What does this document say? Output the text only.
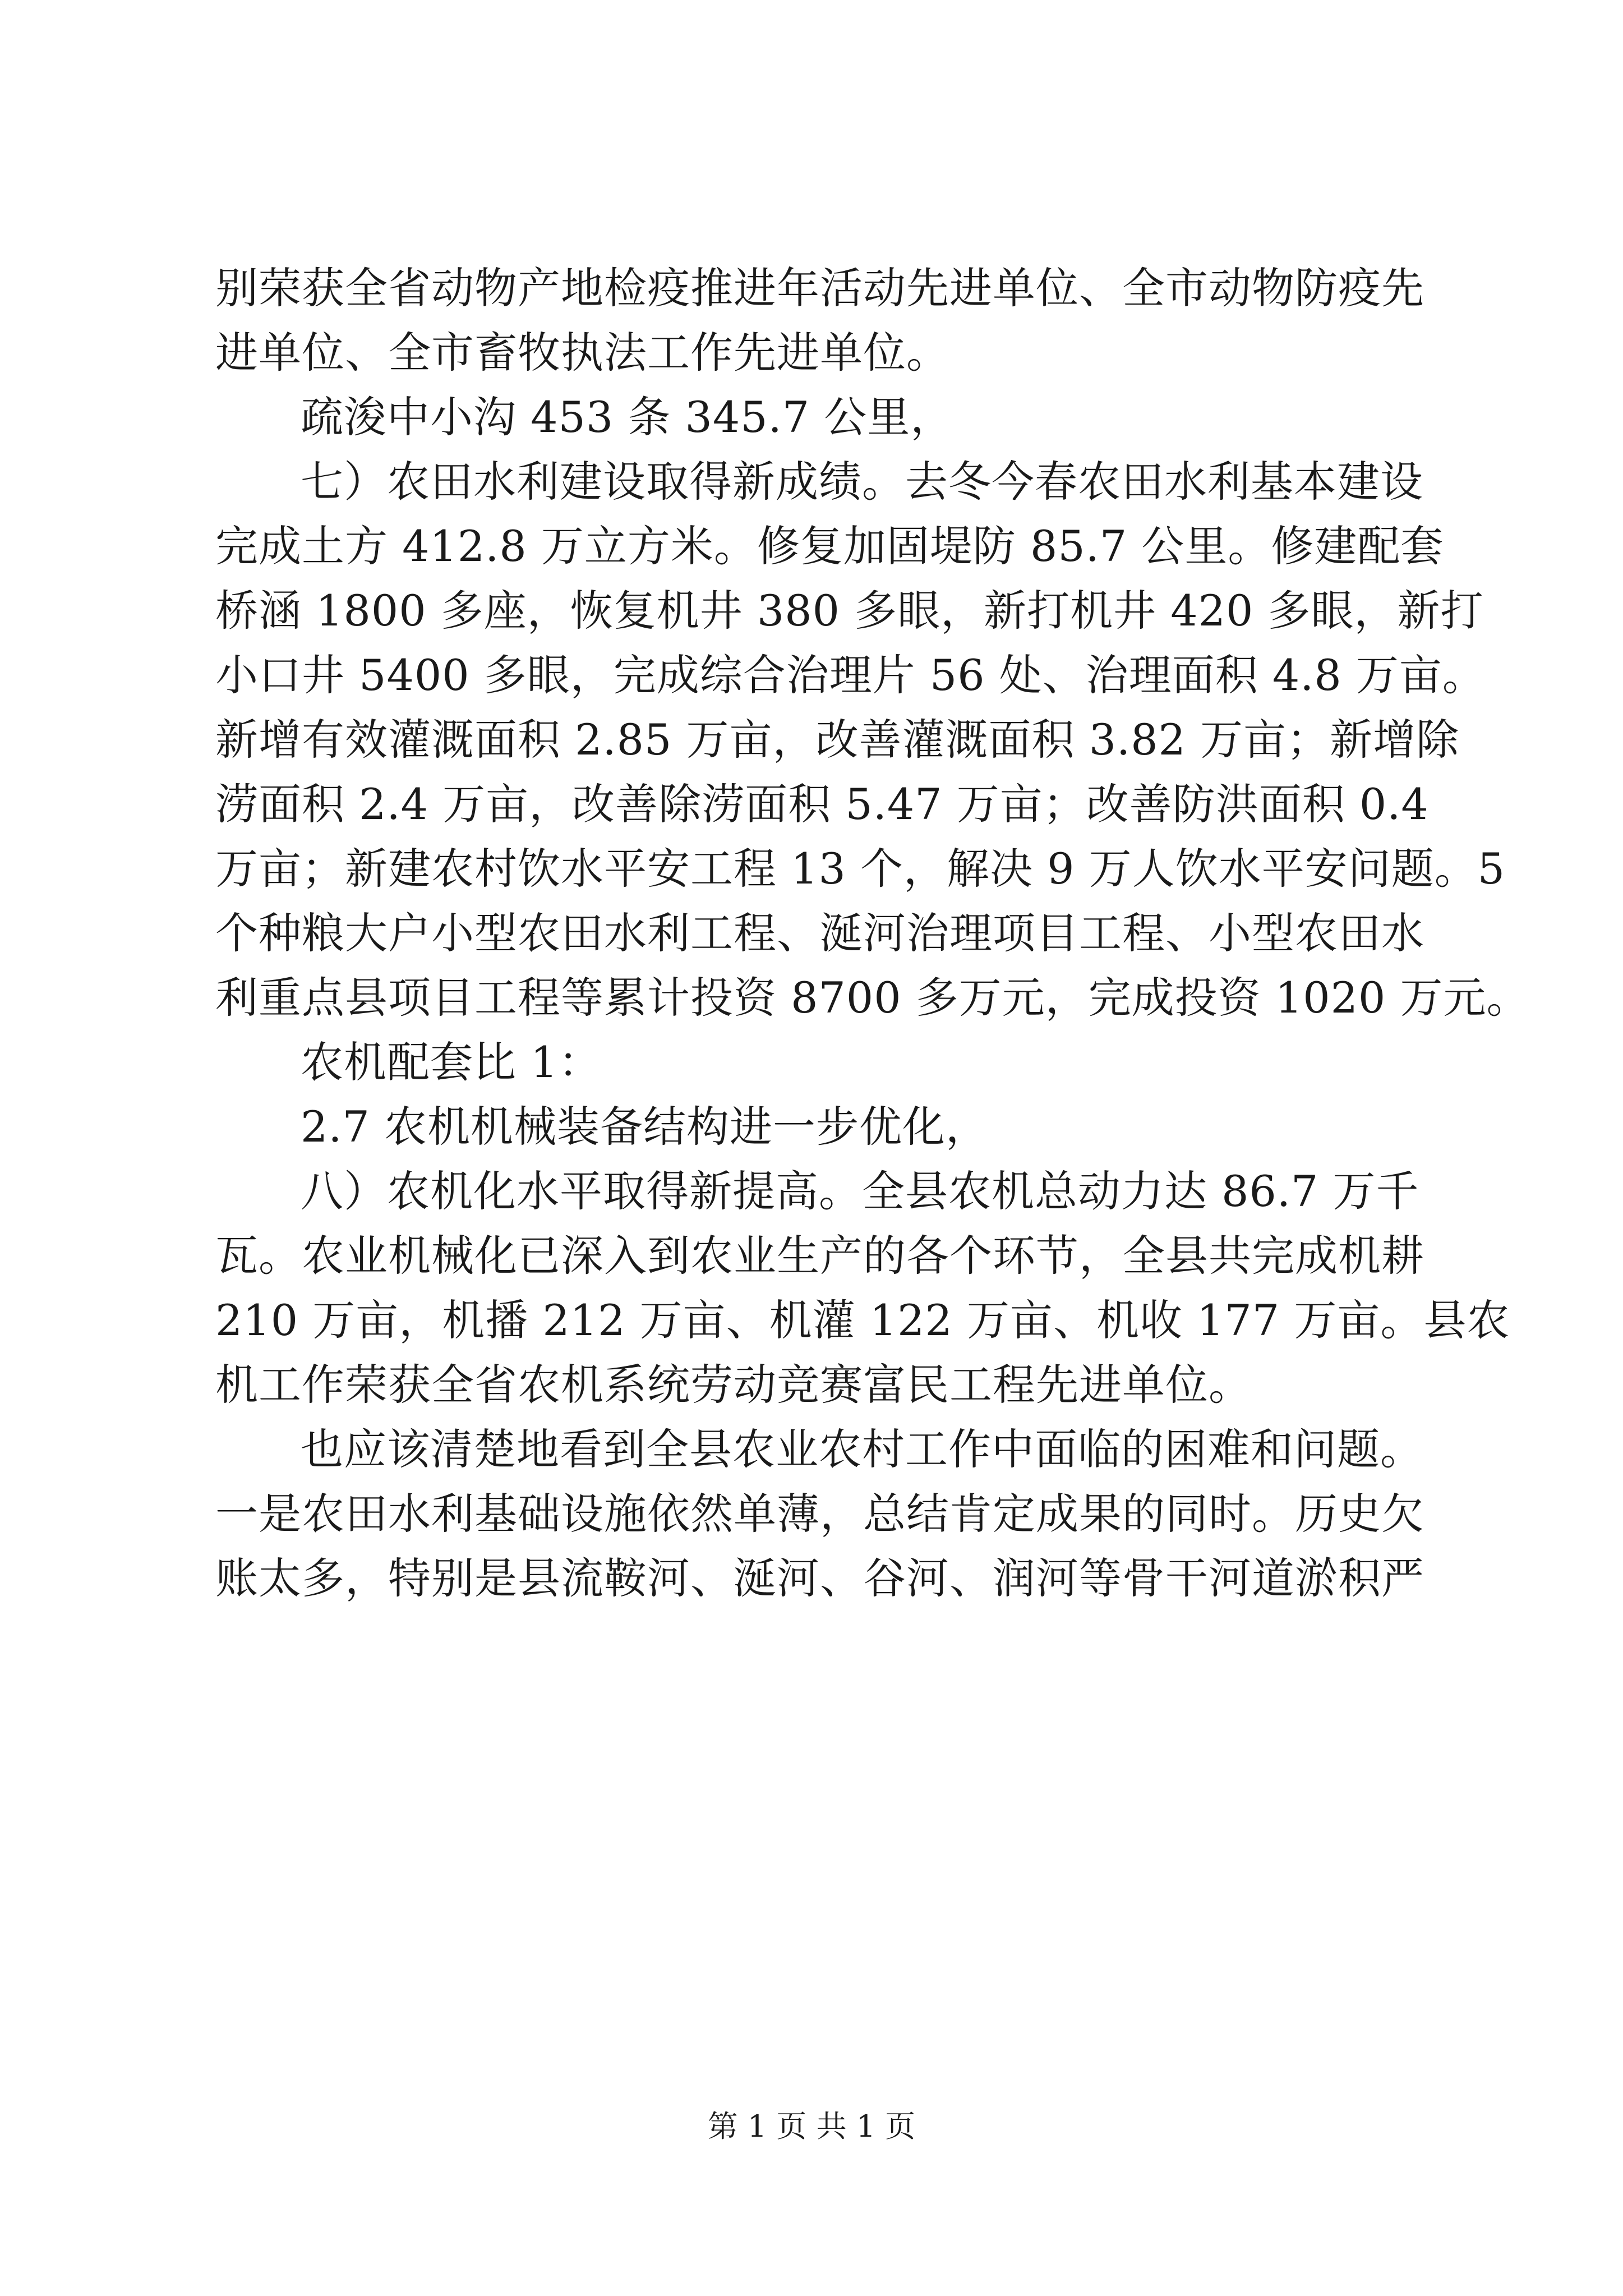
别荣获全省动物产地检疫推进年活动先进单位、全市动物防疫先
进单位、全市畜牧执法工作先进单位。
疏浚中小沟 453 条 345.7 公里，
七）农田水利建设取得新成绩。去冬今春农田水利基本建设
完成土方 412.8 万立方米。修复加固堤防 85.7 公里。修建配套
桥涵 1800 多座，恢复机井 380 多眼，新打机井 420 多眼，新打
小口井 5400 多眼，完成综合治理片 56 处、治理面积 4.8 万亩。
新增有效灌溉面积 2.85 万亩，改善灌溉面积 3.82 万亩；新增除
涝面积 2.4 万亩，改善除涝面积 5.47 万亩；改善防洪面积 0.4
万亩；新建农村饮水平安工程 13 个，解决 9 万人饮水平安问题。5
个种粮大户小型农田水利工程、涎河治理项目工程、小型农田水
利重点县项目工程等累计投资 8700 多万元，完成投资 1020 万元。
农机配套比 1：
2.7 农机机械装备结构进一步优化，
八）农机化水平取得新提高。全县农机总动力达 86.7 万千
瓦。农业机械化已深入到农业生产的各个环节，全县共完成机耕
210 万亩，机播 212 万亩、机灌 122 万亩、机收 177 万亩。县农
机工作荣获全省农机系统劳动竞赛富民工程先进单位。
也应该清楚地看到全县农业农村工作中面临的困难和问题。
一是农田水利基础设施依然单薄，总结肯定成果的同时。历史欠
账太多，特别是县流鞍河、涎河、谷河、润河等骨干河道淤积严
第 1 页 共 1 页
